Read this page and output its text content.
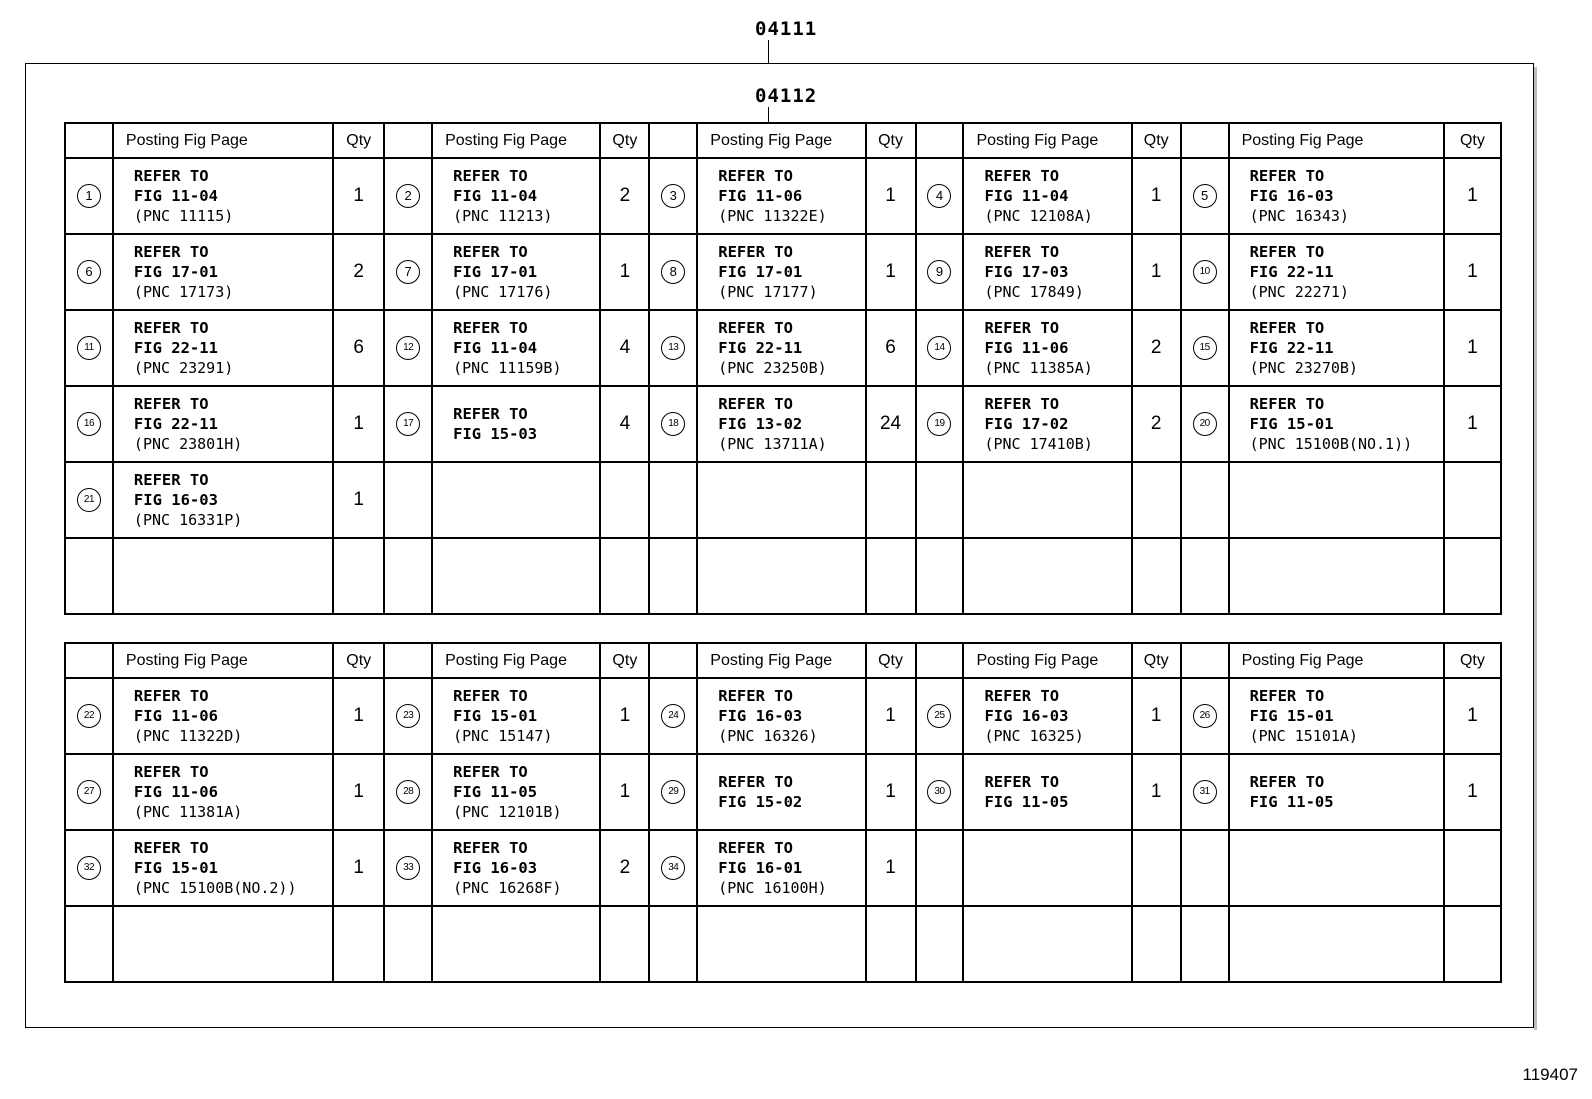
04111
04112
	Posting Fig Page	Qty		Posting Fig Page	Qty		Posting Fig Page	Qty		Posting Fig Page	Qty		Posting Fig Page	Qty
1	REFER TO
FIG 11-04
(PNC 11115)	1	2	REFER TO
FIG 11-04
(PNC 11213)	2	3	REFER TO
FIG 11-06
(PNC 11322E)	1	4	REFER TO
FIG 11-04
(PNC 12108A)	1	5	REFER TO
FIG 16-03
(PNC 16343)	1
6	REFER TO
FIG 17-01
(PNC 17173)	2	7	REFER TO
FIG 17-01
(PNC 17176)	1	8	REFER TO
FIG 17-01
(PNC 17177)	1	9	REFER TO
FIG 17-03
(PNC 17849)	1	10	REFER TO
FIG 22-11
(PNC 22271)	1
11	REFER TO
FIG 22-11
(PNC 23291)	6	12	REFER TO
FIG 11-04
(PNC 11159B)	4	13	REFER TO
FIG 22-11
(PNC 23250B)	6	14	REFER TO
FIG 11-06
(PNC 11385A)	2	15	REFER TO
FIG 22-11
(PNC 23270B)	1
16	REFER TO
FIG 22-11
(PNC 23801H)	1	17	REFER TO
FIG 15-03	4	18	REFER TO
FIG 13-02
(PNC 13711A)	24	19	REFER TO
FIG 17-02
(PNC 17410B)	2	20	REFER TO
FIG 15-01
(PNC 15100B(NO.1))	1
21	REFER TO
FIG 16-03
(PNC 16331P)	1												

	Posting Fig Page	Qty		Posting Fig Page	Qty		Posting Fig Page	Qty		Posting Fig Page	Qty		Posting Fig Page	Qty
22	REFER TO
FIG 11-06
(PNC 11322D)	1	23	REFER TO
FIG 15-01
(PNC 15147)	1	24	REFER TO
FIG 16-03
(PNC 16326)	1	25	REFER TO
FIG 16-03
(PNC 16325)	1	26	REFER TO
FIG 15-01
(PNC 15101A)	1
27	REFER TO
FIG 11-06
(PNC 11381A)	1	28	REFER TO
FIG 11-05
(PNC 12101B)	1	29	REFER TO
FIG 15-02	1	30	REFER TO
FIG 11-05	1	31	REFER TO
FIG 11-05	1
32	REFER TO
FIG 15-01
(PNC 15100B(NO.2))	1	33	REFER TO
FIG 16-03
(PNC 16268F)	2	34	REFER TO
FIG 16-01
(PNC 16100H)	1						

119407
